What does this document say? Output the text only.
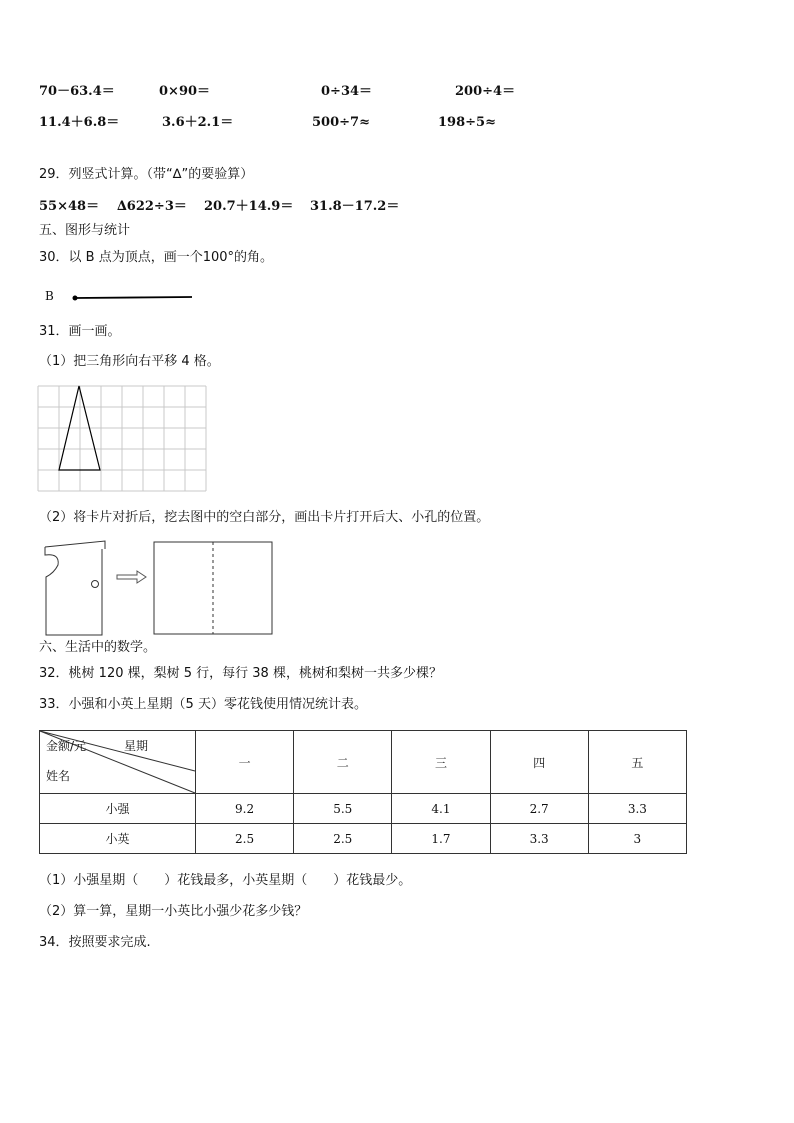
70－63.4＝	0×90＝	0÷34＝	200÷4＝
11.4＋6.8＝	3.6＋2.1＝	500÷7≈	198÷5≈
29．列竖式计算。（带“∆”的要验算）
55×48＝ ∆622÷3＝ 20.7＋14.9＝ 31.8－17.2＝
五、图形与统计
30．以 B 点为顶点，画一个100°的角。
B
31．画一画。
（1）把三角形向右平移 4 格。
（2）将卡片对折后，挖去图中的空白部分，画出卡片打开后大、小孔的位置。
六、生活中的数学。
32．桃树 120 棵，梨树 5 行，每行 38 棵，桃树和梨树一共多少棵？
33．小强和小英上星期（5 天）零花钱使用情况统计表。
金额/元 星期
姓名	一	二	三	四	五
小强	9.2	5.5	4.1	2.7	3.3
小英	2.5	2.5	1.7	3.3	3
（1）小强星期（　　）花钱最多，小英星期（　　）花钱最少。
（2）算一算，星期一小英比小强少花多少钱？
34．按照要求完成.
